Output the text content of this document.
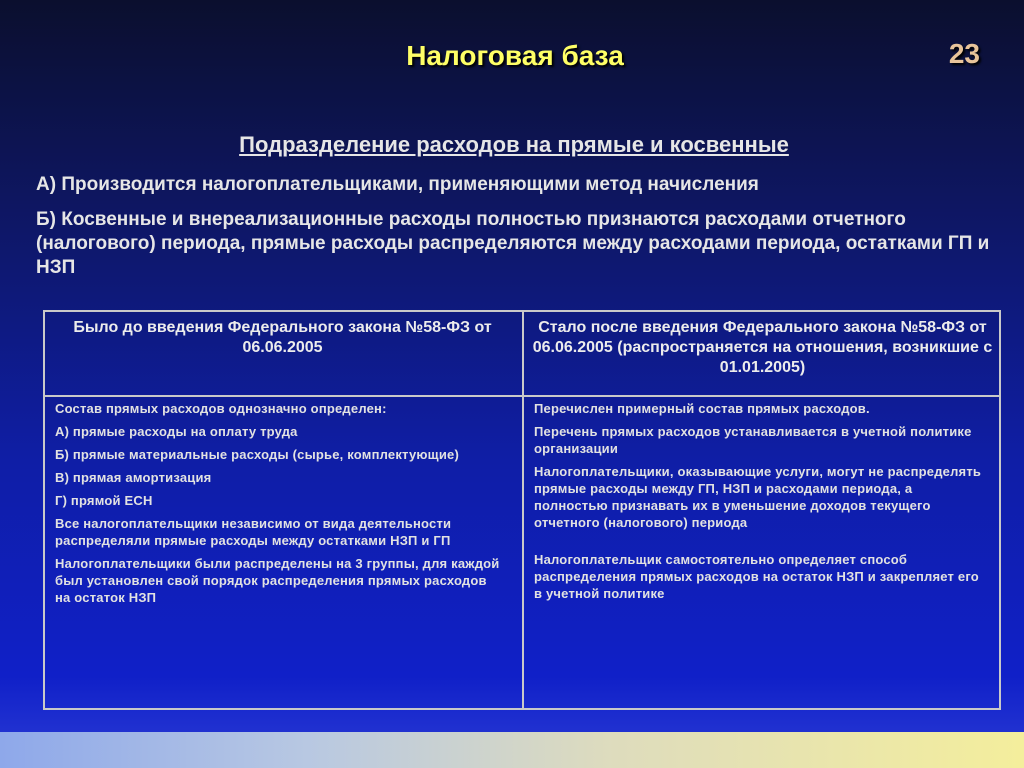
Налоговая база	23
Подразделение расходов на прямые и косвенные
А) Производится налогоплательщиками, применяющими метод начисления
Б) Косвенные и внереализационные расходы полностью признаются расходами отчетного (налогового) периода, прямые расходы распределяются между расходами периода, остатками ГП и НЗП
Было до введения Федерального закона №58-ФЗ от 06.06.2005
Стало после введения Федерального закона №58-ФЗ от 06.06.2005 (распространяется на отношения, возникшие с 01.01.2005)

Состав прямых расходов однозначно определен:

А) прямые расходы на оплату труда

Б) прямые материальные расходы (сырье, комплектующие)

В) прямая амортизация

Г) прямой ЕСН

Все налогоплательщики независимо от вида деятельности распределяли прямые расходы между остатками НЗП и ГП

Налогоплательщики были распределены на 3 группы, для каждой был установлен свой порядок распределения прямых расходов на остаток НЗП

Перечислен примерный состав прямых расходов.

Перечень прямых расходов устанавливается в учетной политике организации

Налогоплательщики, оказывающие услуги, могут не распределять прямые расходы между ГП, НЗП и расходами периода, а полностью признавать их в уменьшение доходов текущего отчетного (налогового) периода

Налогоплательщик самостоятельно определяет способ распределения прямых расходов на остаток НЗП и закрепляет его в учетной политике
